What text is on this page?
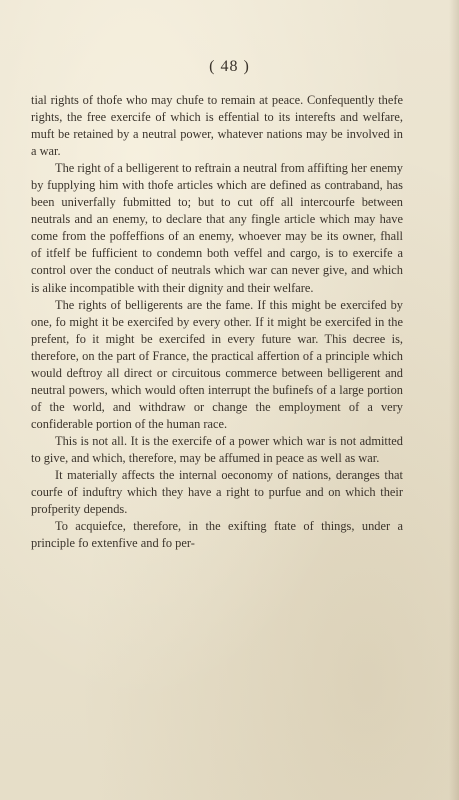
( 48 )

tial rights of thofe who may chufe to remain at peace. Confequently thefe rights, the free exercife of which is effential to its interefts and welfare, muft be retained by a neutral power, whatever nations may be involved in a war.

The right of a belligerent to reftrain a neutral from affifting her enemy by fupplying him with thofe articles which are defined as contraband, has been univerfally fubmitted to; but to cut off all intercourfe between neutrals and an enemy, to declare that any fingle article which may have come from the poffeffions of an enemy, whoever may be its owner, fhall of itfelf be fufficient to condemn both veffel and cargo, is to exercife a control over the conduct of neutrals which war can never give, and which is alike incompatible with their dignity and their welfare.

The rights of belligerents are the fame. If this might be exercifed by one, fo might it be exercifed by every other. If it might be exercifed in the prefent, fo it might be exercifed in every future war. This decree is, therefore, on the part of France, the practical affertion of a principle which would deftroy all direct or circuitous commerce between belligerent and neutral powers, which would often interrupt the bufinefs of a large portion of the world, and withdraw or change the employment of a very confiderable portion of the human race.

This is not all. It is the exercife of a power which war is not admitted to give, and which, therefore, may be affumed in peace as well as war.

It materially affects the internal oeconomy of nations, deranges that courfe of induftry which they have a right to purfue and on which their profperity depends.

To acquiefce, therefore, in the exifting ftate of things, under a principle fo extenfive and fo per-
